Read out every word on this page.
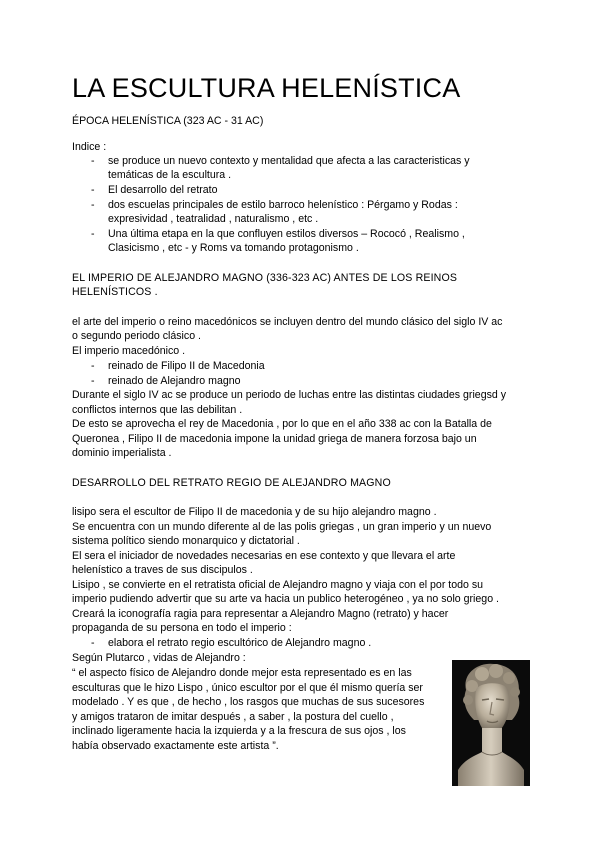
LA ESCULTURA HELENÍSTICA

ÉPOCA HELENÍSTICA (323 AC - 31 AC)

Indice :

- se produce un nuevo contexto y mentalidad que afecta a las caracteristicas y

temáticas de la escultura .

- El desarrollo del retrato

- dos escuelas principales de estilo barroco helenístico : Pérgamo y Rodas :

expresividad , teatralidad , naturalismo , etc .

- Una última etapa en la que confluyen estilos diversos – Rococó , Realismo ,

Clasicismo , etc - y Roms va tomando protagonismo .

EL IMPERIO DE ALEJANDRO MAGNO (336-323 AC) ANTES DE LOS REINOS

HELENÍSTICOS .

el arte del imperio o reino macedónicos se incluyen dentro del mundo clásico del siglo IV ac

o segundo periodo clásico .

El imperio macedónico .

- reinado de Filipo II de Macedonia

- reinado de Alejandro magno

Durante el siglo IV ac se produce un periodo de luchas entre las distintas ciudades griegsd y

conflictos internos que las debilitan .

De esto se aprovecha el rey de Macedonia , por lo que en el año 338 ac con la Batalla de

Queronea , Filipo II de macedonia impone la unidad griega de manera forzosa bajo un

dominio imperialista .

DESARROLLO DEL RETRATO REGIO DE ALEJANDRO MAGNO

lisipo sera el escultor de Filipo II de macedonia y de su hijo alejandro magno .

Se encuentra con un mundo diferente al de las polis griegas , un gran imperio y un nuevo

sistema político siendo monarquico y dictatorial .

El sera el iniciador de novedades necesarias en ese contexto y que llevara el arte

helenístico a traves de sus discipulos .

Lisipo , se convierte en el retratista oficial de Alejandro magno y viaja con el por todo su

imperio pudiendo advertir que su arte va hacia un publico heterogéneo , ya no solo griego .

Creará la iconografía ragia para representar a Alejandro Magno (retrato) y hacer

propaganda de su persona en todo el imperio :

- elabora el retrato regio escultórico de Alejandro magno .

Según Plutarco , vidas de Alejandro :

“ el aspecto físico de Alejandro donde mejor esta representado es en las

esculturas que le hizo Lispo , único escultor por el que él mismo quería ser

modelado . Y es que , de hecho , los rasgos que muchas de sus sucesores

y amigos trataron de imitar después , a saber , la postura del cuello ,

inclinado ligeramente hacia la izquierda y a la frescura de sus ojos , los

había observado exactamente este artista ”.
